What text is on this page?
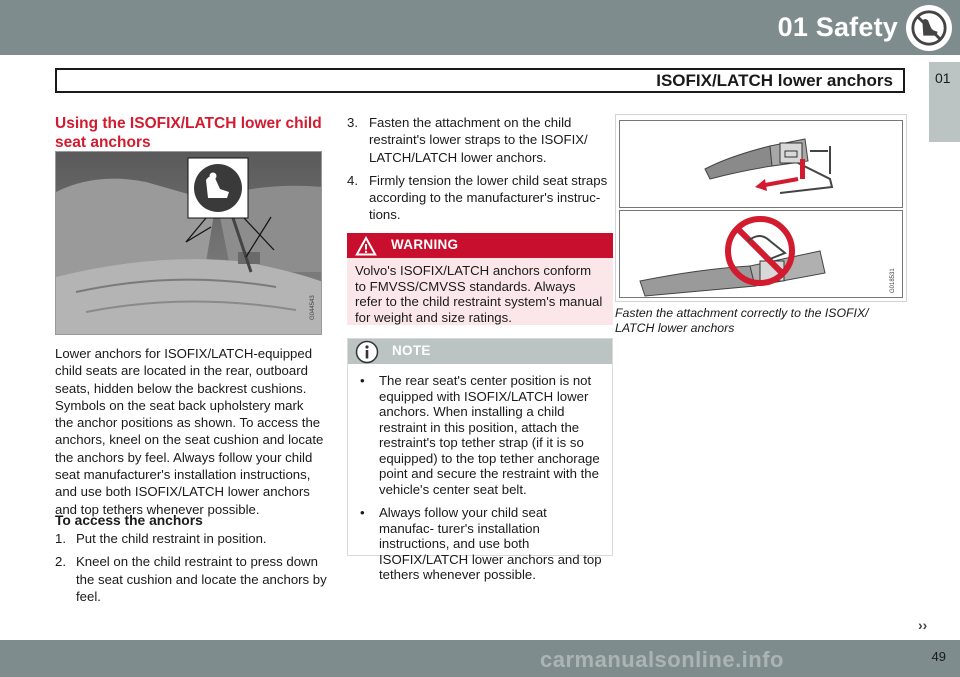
01 Safety
ISOFIX/LATCH lower anchors	01
Using the ISOFIX/LATCH lower child seat anchors
G044543
Lower anchors for ISOFIX/LATCH-equipped child seats are located in the rear, outboard seats, hidden below the backrest cushions. Symbols on the seat back upholstery mark the anchor positions as shown. To access the anchors, kneel on the seat cushion and locate the anchors by feel. Always follow your child seat manufacturer's installation instructions, and use both ISOFIX/LATCH lower anchors and top tethers whenever possible.
To access the anchors
1. Put the child restraint in position.
2. Kneel on the child restraint to press down the seat cushion and locate the anchors by feel.
3. Fasten the attachment on the child restraint's lower straps to the ISOFIX/ LATCH/LATCH lower anchors.
4. Firmly tension the lower child seat straps according to the manufacturer's instruc- tions.
WARNING
Volvo's ISOFIX/LATCH anchors conform to FMVSS/CMVSS standards. Always refer to the child restraint system's manual for weight and size ratings.
NOTE
• The rear seat's center position is not equipped with ISOFIX/LATCH lower anchors. When installing a child restraint in this position, attach the restraint's top tether strap (if it is so equipped) to the top tether anchorage point and secure the restraint with the vehicle's center seat belt.
• Always follow your child seat manufac- turer's installation instructions, and use both ISOFIX/LATCH lower anchors and top tethers whenever possible.
G018531
Fasten the attachment correctly to the ISOFIX/ LATCH lower anchors
››
carmanualsonline.info	49
